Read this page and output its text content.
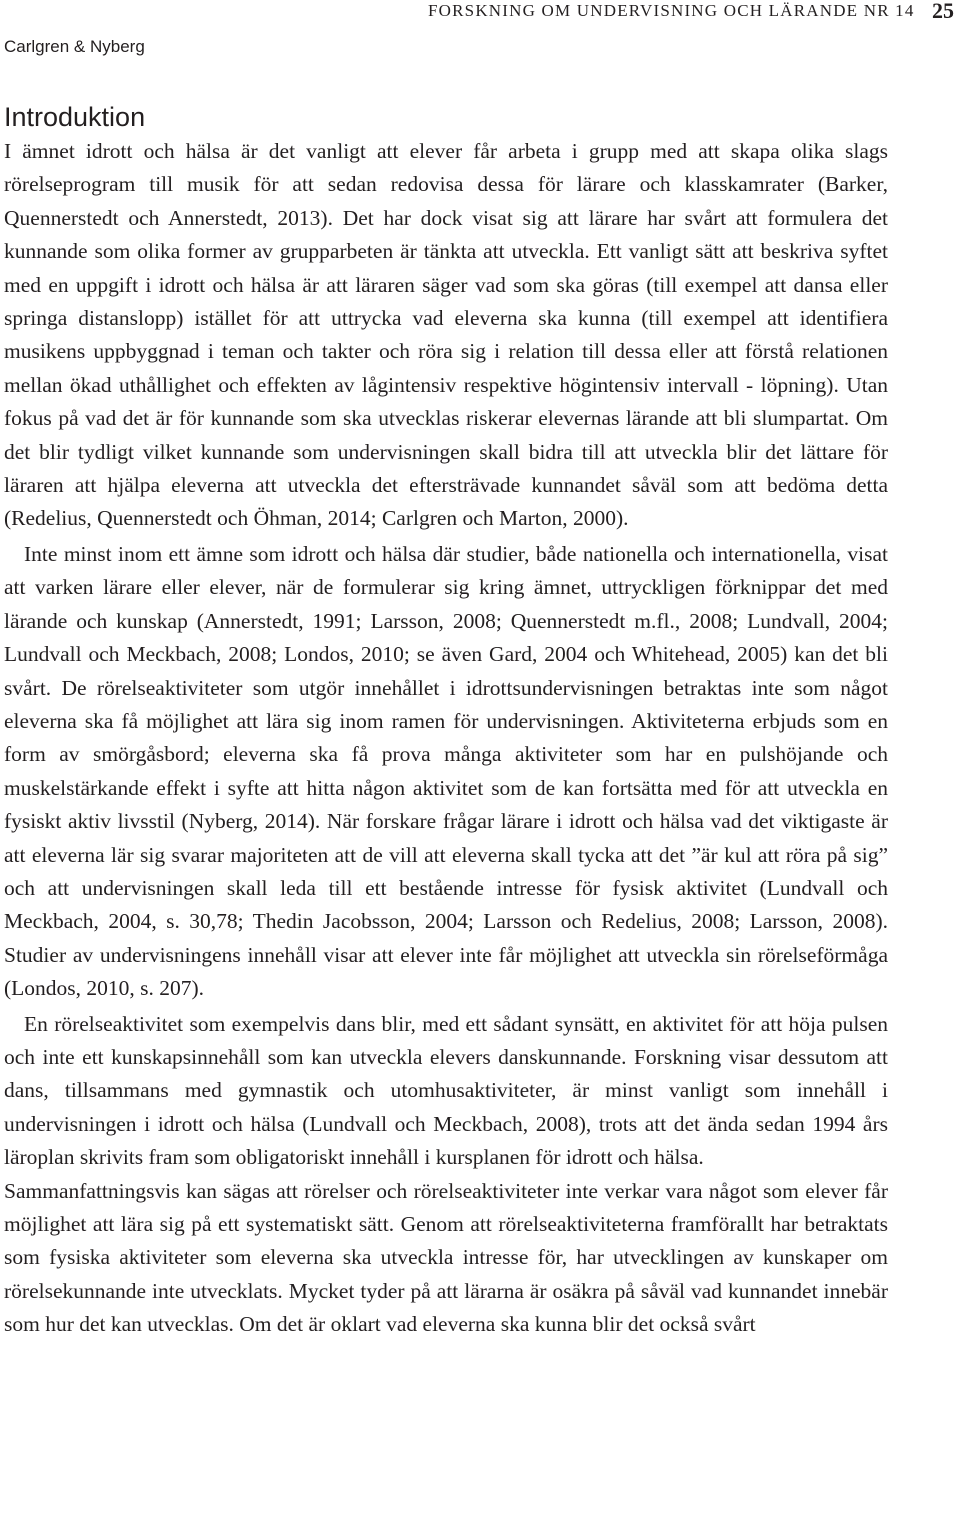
FORSKNING OM UNDERVISNING OCH LÄRANDE NR 14 25
Carlgren & Nyberg
Introduktion

I ämnet idrott och hälsa är det vanligt att elever får arbeta i grupp med att skapa olika slags rörelseprogram till musik för att sedan redovisa dessa för lärare och klasskamrater (Barker, Quennerstedt och Annerstedt, 2013). Det har dock visat sig att lärare har svårt att formulera det kunnande som olika former av grupparbeten är tänkta att utveckla. Ett vanligt sätt att beskriva syftet med en uppgift i idrott och hälsa är att läraren säger vad som ska göras (till exempel att dansa eller springa distanslopp) istället för att uttrycka vad eleverna ska kunna (till exempel att identifiera musikens uppbyggnad i teman och takter och röra sig i relation till dessa eller att förstå relationen mellan ökad uthållighet och effekten av lågintensiv respektive högintensiv intervall - löpning). Utan fokus på vad det är för kunnande som ska utvecklas riskerar elevernas lärande att bli slumpartat. Om det blir tydligt vilket kunnande som undervisningen skall bidra till att utveckla blir det lättare för läraren att hjälpa eleverna att utveckla det eftersträvade kunnandet såväl som att bedöma detta (Redelius, Quennerstedt och Öhman, 2014; Carlgren och Marton, 2000).

Inte minst inom ett ämne som idrott och hälsa där studier, både nationella och internationella, visat att varken lärare eller elever, när de formulerar sig kring ämnet, uttryckligen förknippar det med lärande och kunskap (Annerstedt, 1991; Larsson, 2008; Quennerstedt m.fl., 2008; Lundvall, 2004; Lundvall och Meckbach, 2008; Londos, 2010; se även Gard, 2004 och Whitehead, 2005) kan det bli svårt. De rörelseaktiviteter som utgör innehållet i idrottsundervisningen betraktas inte som något eleverna ska få möjlighet att lära sig inom ramen för undervisningen. Aktiviteterna erbjuds som en form av smörgåsbord; eleverna ska få prova många aktiviteter som har en pulshöjande och muskelstärkande effekt i syfte att hitta någon aktivitet som de kan fortsätta med för att utveckla en fysiskt aktiv livsstil (Nyberg, 2014). När forskare frågar lärare i idrott och hälsa vad det viktigaste är att eleverna lär sig svarar majoriteten att de vill att eleverna skall tycka att det ”är kul att röra på sig” och att undervisningen skall leda till ett bestående intresse för fysisk aktivitet (Lundvall och Meckbach, 2004, s. 30,78; Thedin Jacobsson, 2004; Larsson och Redelius, 2008; Larsson, 2008). Studier av undervisningens innehåll visar att elever inte får möjlighet att utveckla sin rörelseförmåga (Londos, 2010, s. 207).

En rörelseaktivitet som exempelvis dans blir, med ett sådant synsätt, en aktivitet för att höja pulsen och inte ett kunskapsinnehåll som kan utveckla elevers danskunnande. Forskning visar dessutom att dans, tillsammans med gymnastik och utomhusaktiviteter, är minst vanligt som innehåll i undervisningen i idrott och hälsa (Lundvall och Meckbach, 2008), trots att det ända sedan 1994 års läroplan skrivits fram som obligatoriskt innehåll i kursplanen för idrott och hälsa.

Sammanfattningsvis kan sägas att rörelser och rörelseaktiviteter inte verkar vara något som elever får möjlighet att lära sig på ett systematiskt sätt. Genom att rörelseaktiviteterna framförallt har betraktats som fysiska aktiviteter som eleverna ska utveckla intresse för, har utvecklingen av kunskaper om rörelsekunnande inte utvecklats. Mycket tyder på att lärarna är osäkra på såväl vad kunnandet innebär som hur det kan utvecklas. Om det är oklart vad eleverna ska kunna blir det också svårt
